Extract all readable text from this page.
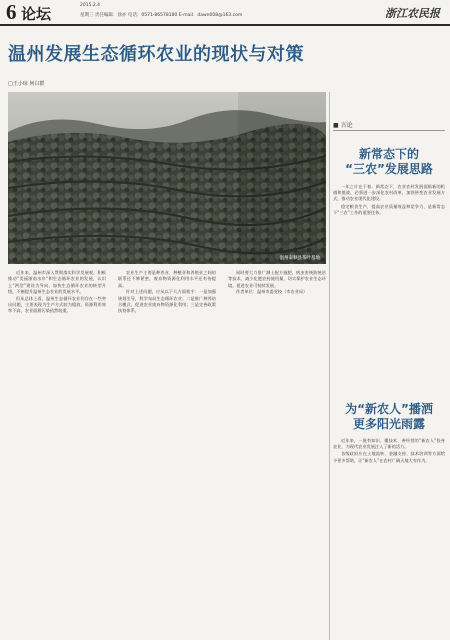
6 论坛	2015.2.4
星期三 责任编辑：徐亦 电话：0571-86578180 E-mail：dawn008@163.com	浙江农民报
温州发展生态循环农业的现状与对策
□王小琼 何白群
温州泰顺县茶叶基地

近年来，温州市深入贯彻落实科学发展观，积极推动“美丽浙南水乡”和生态循环农业的发展，认识上“两型”建设为导向，加快生态循环农业的转型升级，不断提升温州生态农业的发展水平。

但从总体上看，温州生态循环农业仍存在一些突出问题，主要表现为生产方式较为粗放，资源利用效率不高，农业面源污染依然较重。

农业生产主要是种养业，种植业和养殖业之间的联系还不够紧密，废弃物资源化利用水平还有待提高。

针对上述问题，应从以下几方面着手：一是加强规划引导，科学布局生态循环农业；二是推广种养结合模式，促进农业废弃物资源化利用；三是完善政策扶持体系。

同时要大力推广测土配方施肥、病虫害统防统治等技术，减少化肥农药使用量，切实保护农业生态环境，促进农业可持续发展。

作者单位：温州市委党校（市农业局）

■ 言论
新常态下的
“三农”发展思路

一年之计在于春。新常态下，农业农村发展面临新的机遇和挑战，必须进一步深化农村改革，加快转变农业发展方式，推动农业现代化建设。

稳定粮食生产，提高农业质量效益和竞争力，是新常态下“三农”工作的重要任务。

为“新农人”播洒
更多阳光雨露

近年来，一批有知识、懂技术、善经营的“新农人”投身农业，为现代农业发展注入了新的活力。

各级政府应在土地流转、金融支持、技术培训等方面给予更多帮助，让“新农人”在农村广阔天地大有作为。
